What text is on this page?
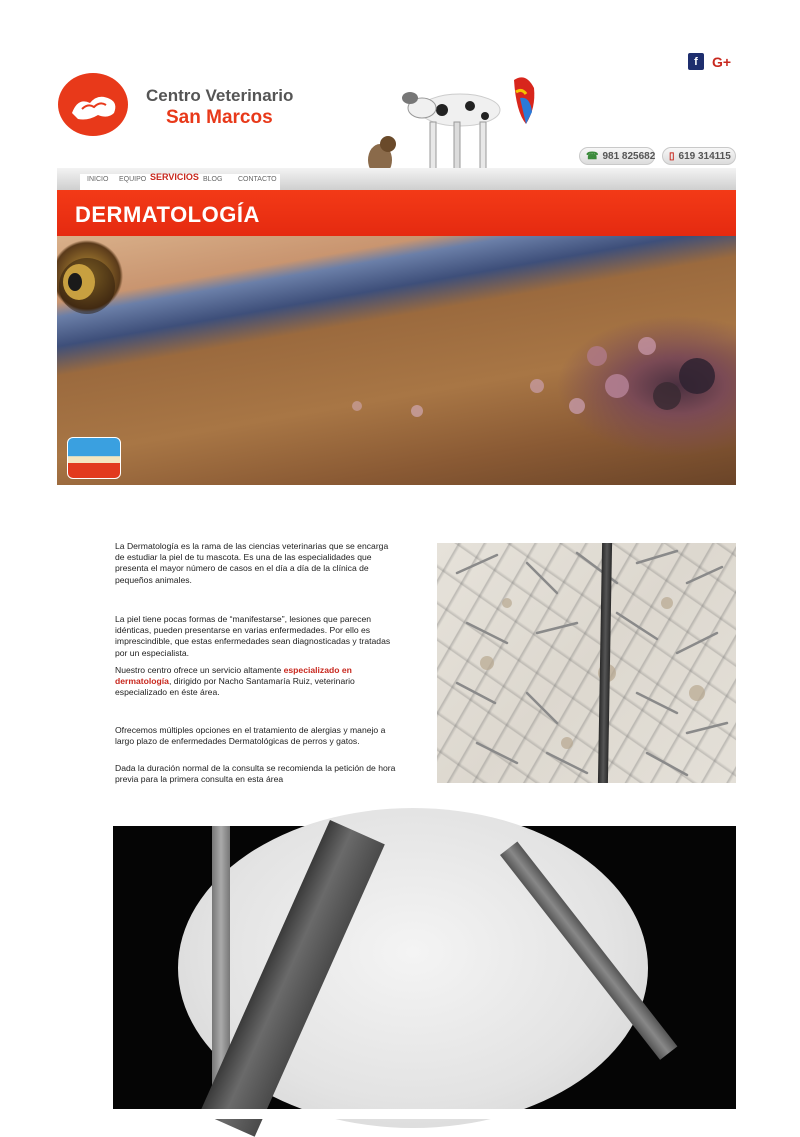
f	G+
Centro Veterinario
San Marcos
☎ 981 825682 ▯ 619 314115
INICIO EQUIPO SERVICIOS BLOG CONTACTO
DERMATOLOGÍA

La Dermatología es la rama de las ciencias veterinarias que se encarga de estudiar la piel de tu mascota. Es una de las especialidades que presenta el mayor número de casos en el día a día de la clínica de pequeños animales.

La piel tiene pocas formas de “manifestarse”, lesiones que parecen idénticas, pueden presentarse en varias enfermedades. Por ello es imprescindible, que estas enfermedades sean diagnosticadas y tratadas por un especialista.

Nuestro centro ofrece un servicio altamente especializado en dermatología, dirigido por Nacho Santamaría Ruiz, veterinario especializado en éste área.

Ofrecemos múltiples opciones en el tratamiento de alergias y manejo a largo plazo de enfermedades Dermatológicas de perros y gatos.

Dada la duración normal de la consulta se recomienda la petición de hora previa para la primera consulta en esta área
